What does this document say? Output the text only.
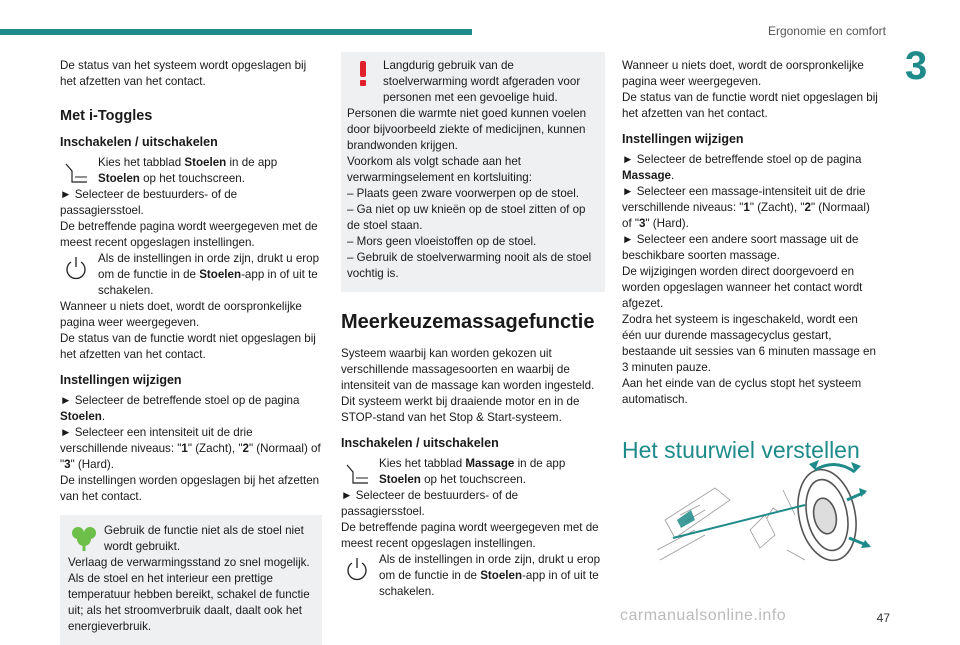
Ergonomie en comfort
3

De status van het systeem wordt opgeslagen bij het afzetten van het contact.

Met i-Toggles
Inschakelen / uitschakelen

Kies het tabblad Stoelen in de app Stoelen op het touchscreen.

► Selecteer de bestuurders- of de passagiersstoel.

De betreffende pagina wordt weergegeven met de meest recent opgeslagen instellingen.

Als de instellingen in orde zijn, drukt u erop om de functie in de Stoelen-app in of uit te schakelen.

Wanneer u niets doet, wordt de oorspronkelijke pagina weer weergegeven.

De status van de functie wordt niet opgeslagen bij het afzetten van het contact.

Instellingen wijzigen

► Selecteer de betreffende stoel op de pagina Stoelen.

► Selecteer een intensiteit uit de drie verschillende niveaus: "1" (Zacht), "2" (Normaal) of "3" (Hard).

De instellingen worden opgeslagen bij het afzetten van het contact.

Gebruik de functie niet als de stoel niet wordt gebruikt.

Verlaag de verwarmingsstand zo snel mogelijk. Als de stoel en het interieur een prettige temperatuur hebben bereikt, schakel de functie uit; als het stroomverbruik daalt, daalt ook het energieverbruik.

Langdurig gebruik van de stoelverwarming wordt afgeraden voor personen met een gevoelige huid.

Personen die warmte niet goed kunnen voelen door bijvoorbeeld ziekte of medicijnen, kunnen brandwonden krijgen.

Voorkom als volgt schade aan het verwarmingselement en kortsluiting:

– Plaats geen zware voorwerpen op de stoel.

– Ga niet op uw knieën op de stoel zitten of op de stoel staan.

– Mors geen vloeistoffen op de stoel.

– Gebruik de stoelverwarming nooit als de stoel vochtig is.

Meerkeuzemassagefunctie

Systeem waarbij kan worden gekozen uit verschillende massagesoorten en waarbij de intensiteit van de massage kan worden ingesteld.

Dit systeem werkt bij draaiende motor en in de STOP-stand van het Stop & Start-systeem.

Inschakelen / uitschakelen

Kies het tabblad Massage in de app Stoelen op het touchscreen.

► Selecteer de bestuurders- of de passagiersstoel.

De betreffende pagina wordt weergegeven met de meest recent opgeslagen instellingen.

Als de instellingen in orde zijn, drukt u erop om de functie in de Stoelen-app in of uit te schakelen.

Wanneer u niets doet, wordt de oorspronkelijke pagina weer weergegeven.

De status van de functie wordt niet opgeslagen bij het afzetten van het contact.

Instellingen wijzigen

► Selecteer de betreffende stoel op de pagina Massage.

► Selecteer een massage-intensiteit uit de drie verschillende niveaus: "1" (Zacht), "2" (Normaal) of "3" (Hard).

► Selecteer een andere soort massage uit de beschikbare soorten massage.

De wijzigingen worden direct doorgevoerd en worden opgeslagen wanneer het contact wordt afgezet.

Zodra het systeem is ingeschakeld, wordt een één uur durende massagecyclus gestart, bestaande uit sessies van 6 minuten massage en 3 minuten pauze.

Aan het einde van de cyclus stopt het systeem automatisch.

Het stuurwiel verstellen
carmanualsonline.info	47
